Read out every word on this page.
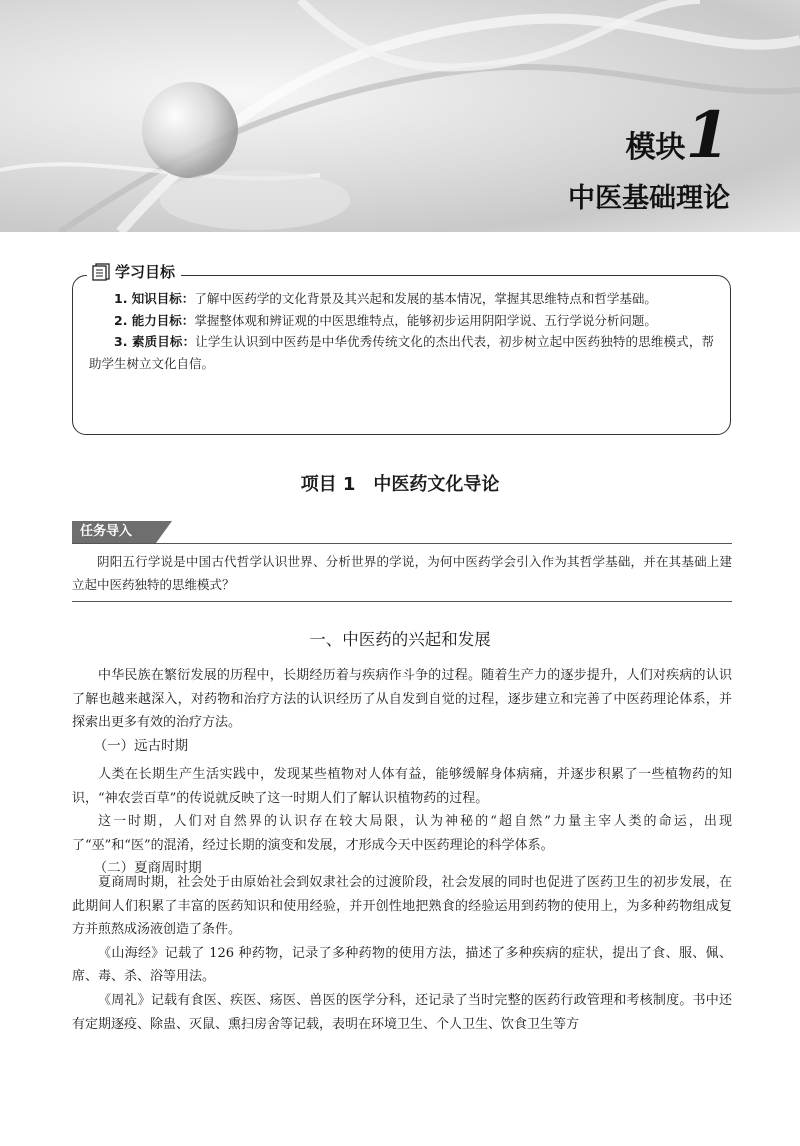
模块1
中医基础理论
学习目标

1. 知识目标：了解中医药学的文化背景及其兴起和发展的基本情况，掌握其思维特点和哲学基础。

2. 能力目标：掌握整体观和辨证观的中医思维特点，能够初步运用阴阳学说、五行学说分析问题。

3. 素质目标：让学生认识到中医药是中华优秀传统文化的杰出代表，初步树立起中医药独特的思维模式，帮助学生树立文化自信。

项目 1　中医药文化导论
任务导入

阴阳五行学说是中国古代哲学认识世界、分析世界的学说，为何中医药学会引入作为其哲学基础，并在其基础上建立起中医药独特的思维模式？

一、中医药的兴起和发展

中华民族在繁衍发展的历程中，长期经历着与疾病作斗争的过程。随着生产力的逐步提升，人们对疾病的认识了解也越来越深入，对药物和治疗方法的认识经历了从自发到自觉的过程，逐步建立和完善了中医药理论体系，并探索出更多有效的治疗方法。

（一）远古时期

人类在长期生产生活实践中，发现某些植物对人体有益，能够缓解身体病痛，并逐步积累了一些植物药的知识，“神农尝百草”的传说就反映了这一时期人们了解认识植物药的过程。

这一时期，人们对自然界的认识存在较大局限，认为神秘的“超自然”力量主宰人类的命运，出现了“巫”和“医”的混淆，经过长期的演变和发展，才形成今天中医药理论的科学体系。

（二）夏商周时期

夏商周时期，社会处于由原始社会到奴隶社会的过渡阶段，社会发展的同时也促进了医药卫生的初步发展，在此期间人们积累了丰富的医药知识和使用经验，并开创性地把熟食的经验运用到药物的使用上，为多种药物组成复方并煎熬成汤液创造了条件。

《山海经》记载了 126 种药物，记录了多种药物的使用方法，描述了多种疾病的症状，提出了食、服、佩、席、毒、杀、浴等用法。

《周礼》记载有食医、疾医、疡医、兽医的医学分科，还记录了当时完整的医药行政管理和考核制度。书中还有定期逐疫、除蛊、灭鼠、熏扫房舍等记载，表明在环境卫生、个人卫生、饮食卫生等方
